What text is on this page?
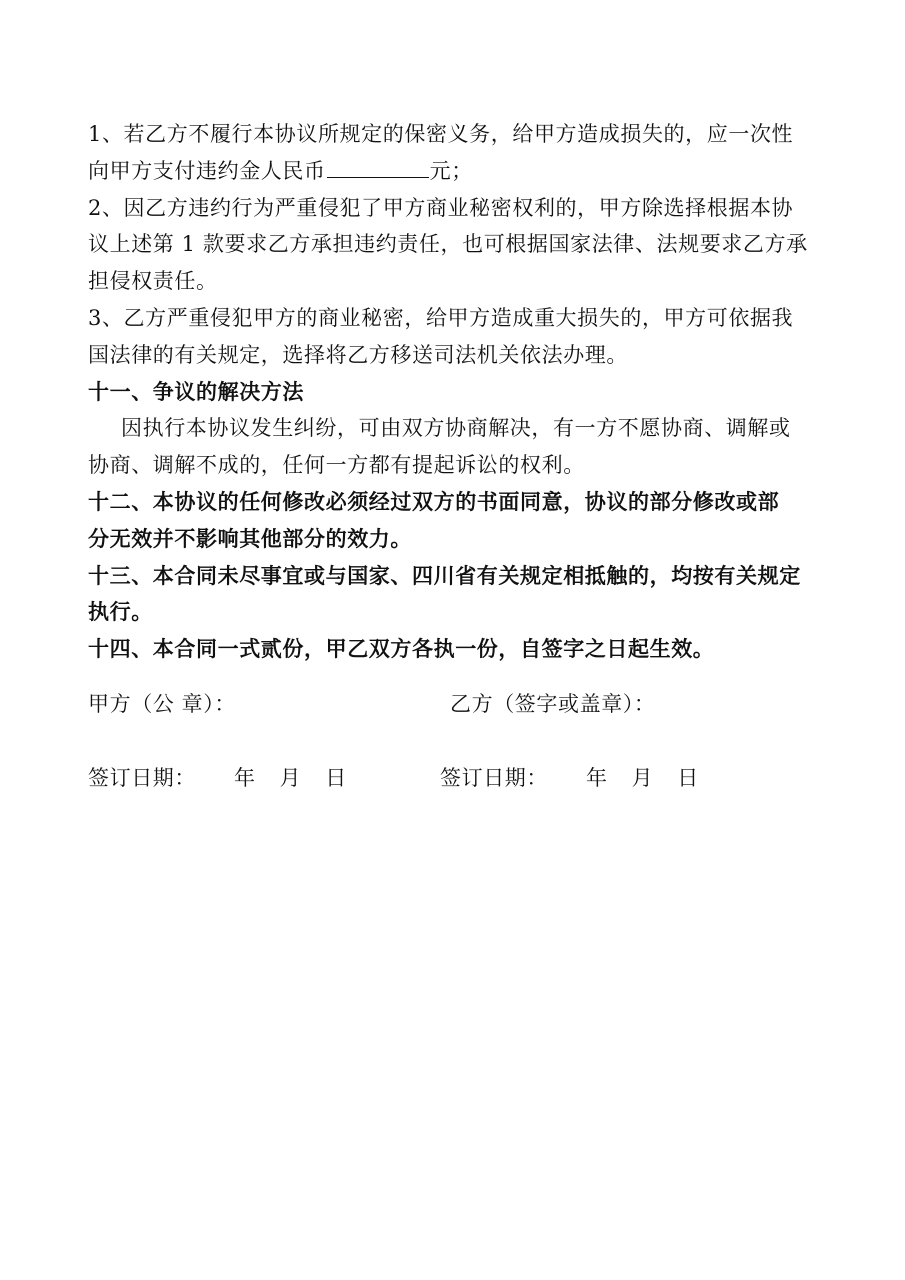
1、若乙方不履行本协议所规定的保密义务，给甲方造成损失的，应一次性
向甲方支付违约金人民币	元；
2、因乙方违约行为严重侵犯了甲方商业秘密权利的，甲方除选择根据本协
议上述第 1 款要求乙方承担违约责任，也可根据国家法律、法规要求乙方承
担侵权责任。
3、乙方严重侵犯甲方的商业秘密，给甲方造成重大损失的，甲方可依据我
国法律的有关规定，选择将乙方移送司法机关依法办理。
十一、争议的解决方法
因执行本协议发生纠纷，可由双方协商解决，有一方不愿协商、调解或
协商、调解不成的，任何一方都有提起诉讼的权利。
十二、本协议的任何修改必须经过双方的书面同意，协议的部分修改或部
分无效并不影响其他部分的效力。
十三、本合同未尽事宜或与国家、四川省有关规定相抵触的，均按有关规定
执行。
十四、本合同一式贰份，甲乙双方各执一份，自签字之日起生效。
甲方（公 章）：	乙方（签字或盖章）：
签订日期： 年 月 日	签订日期： 年 月 日
